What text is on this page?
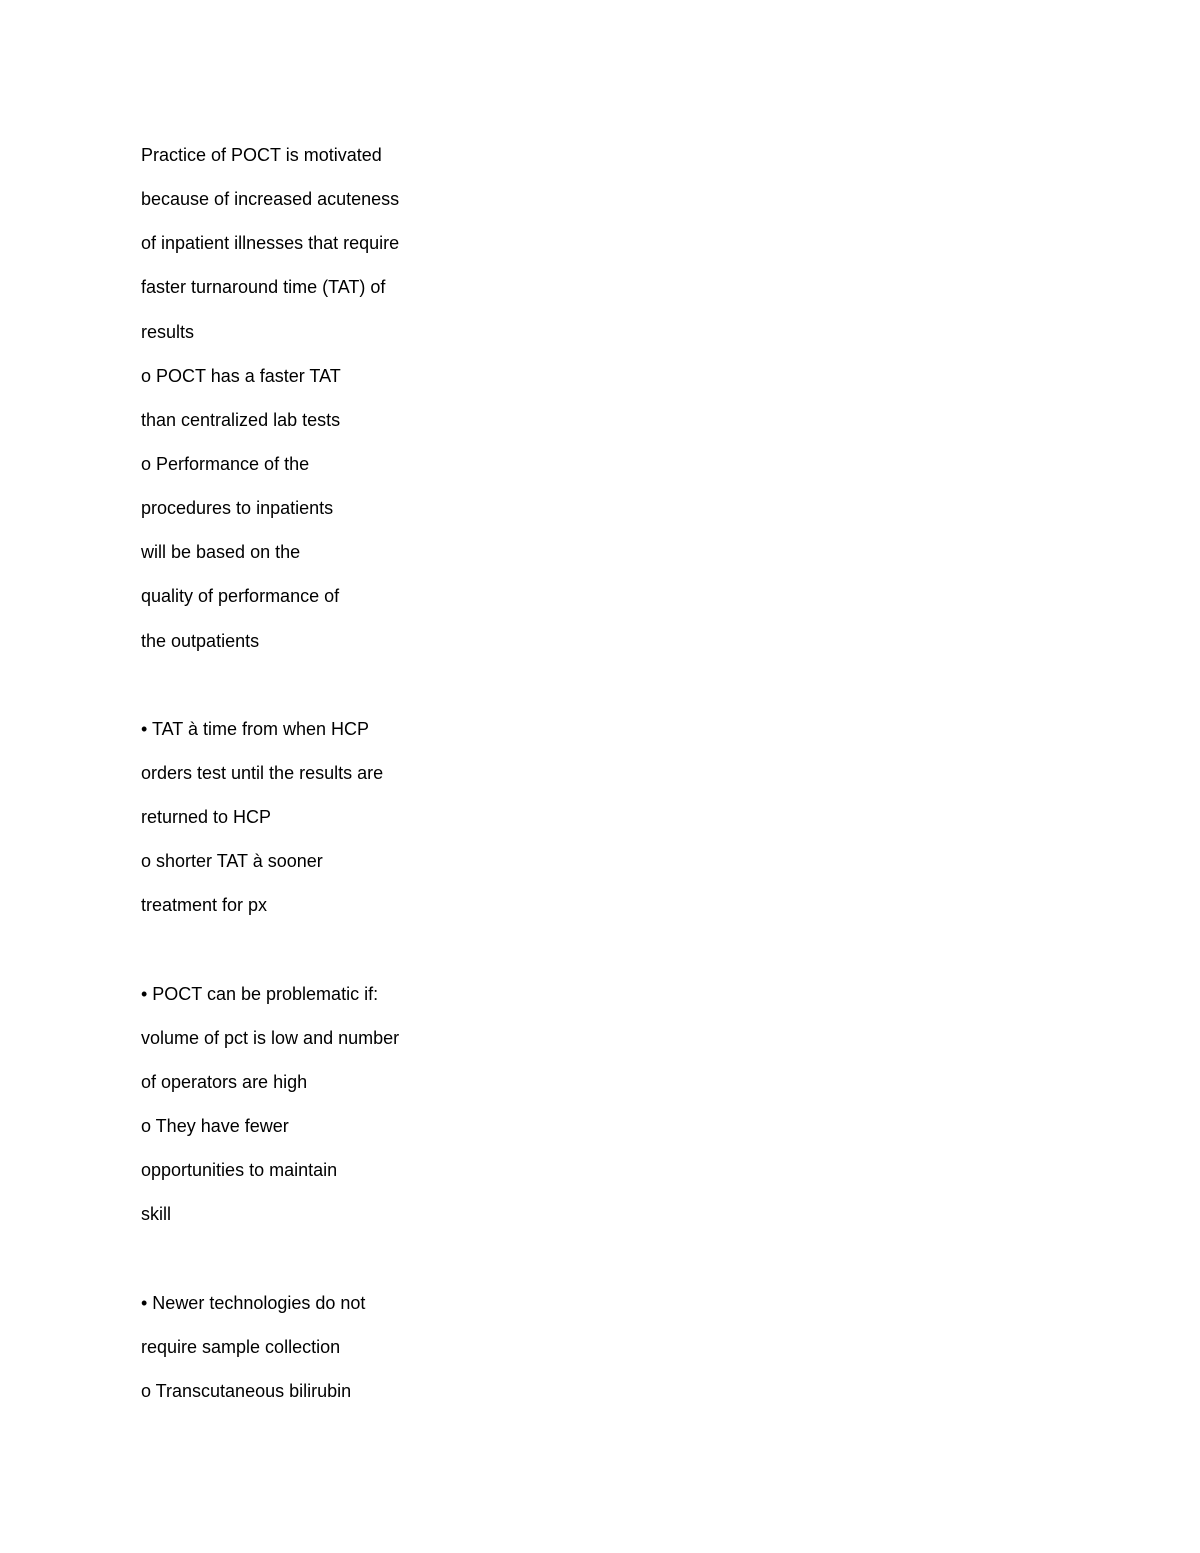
Practice of POCT is motivated
because of increased acuteness
of inpatient illnesses that require
faster turnaround time (TAT) of
results
o POCT has a faster TAT
than centralized lab tests
o Performance of the
procedures to inpatients
will be based on the
quality of performance of
the outpatients
• TAT à time from when HCP
orders test until the results are
returned to HCP
o shorter TAT à sooner
treatment for px
• POCT can be problematic if:
volume of pct is low and number
of operators are high
o They have fewer
opportunities to maintain
skill
• Newer technologies do not
require sample collection
o Transcutaneous bilirubin
